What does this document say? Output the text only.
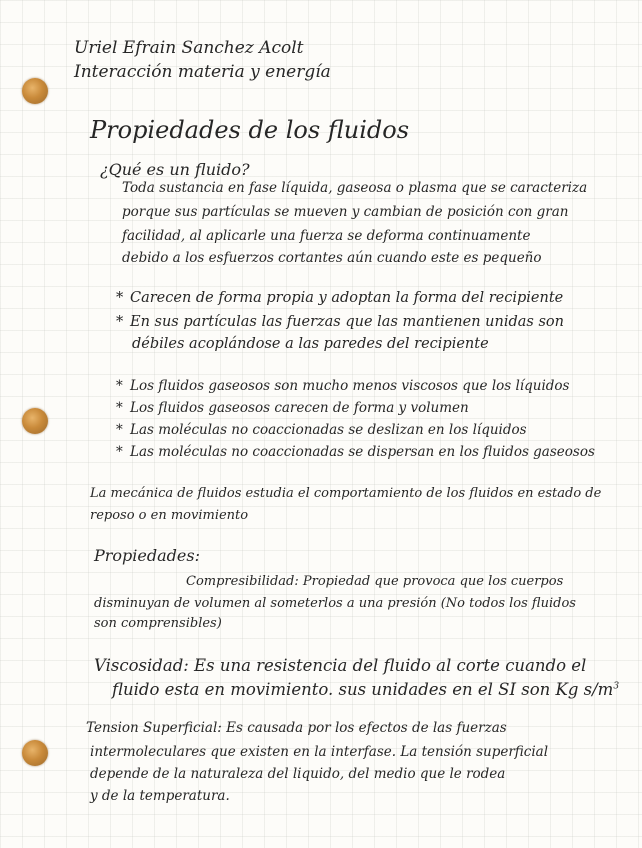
Uriel Efrain Sanchez Acolt
Interacción materia y energía
Propiedades de los fluidos
¿Qué es un fluido?
Toda sustancia en fase líquida, gaseosa o plasma que se caracteriza
porque sus partículas se mueven y cambian de posición con gran
facilidad, al aplicarle una fuerza se deforma continuamente
debido a los esfuerzos cortantes aún cuando este es pequeño
* Carecen de forma propia y adoptan la forma del recipiente
* En sus partículas las fuerzas que las mantienen unidas son
débiles acoplándose a las paredes del recipiente
* Los fluidos gaseosos son mucho menos viscosos que los líquidos
* Los fluidos gaseosos carecen de forma y volumen
* Las moléculas no coaccionadas se deslizan en los líquidos
* Las moléculas no coaccionadas se dispersan en los fluidos gaseosos
La mecánica de fluidos estudia el comportamiento de los fluidos en estado de
reposo o en movimiento
Propiedades:
Compresibilidad: Propiedad que provoca que los cuerpos
disminuyan de volumen al someterlos a una presión (No todos los fluidos
son comprensibles)
Viscosidad: Es una resistencia del fluido al corte cuando el
fluido esta en movimiento. sus unidades en el SI son Kg $s/m^3$
Tension Superficial: Es causada por los efectos de las fuerzas
intermoleculares que existen en la interfase. La tensión superficial
depende de la naturaleza del liquido, del medio que le rodea
y de la temperatura.
